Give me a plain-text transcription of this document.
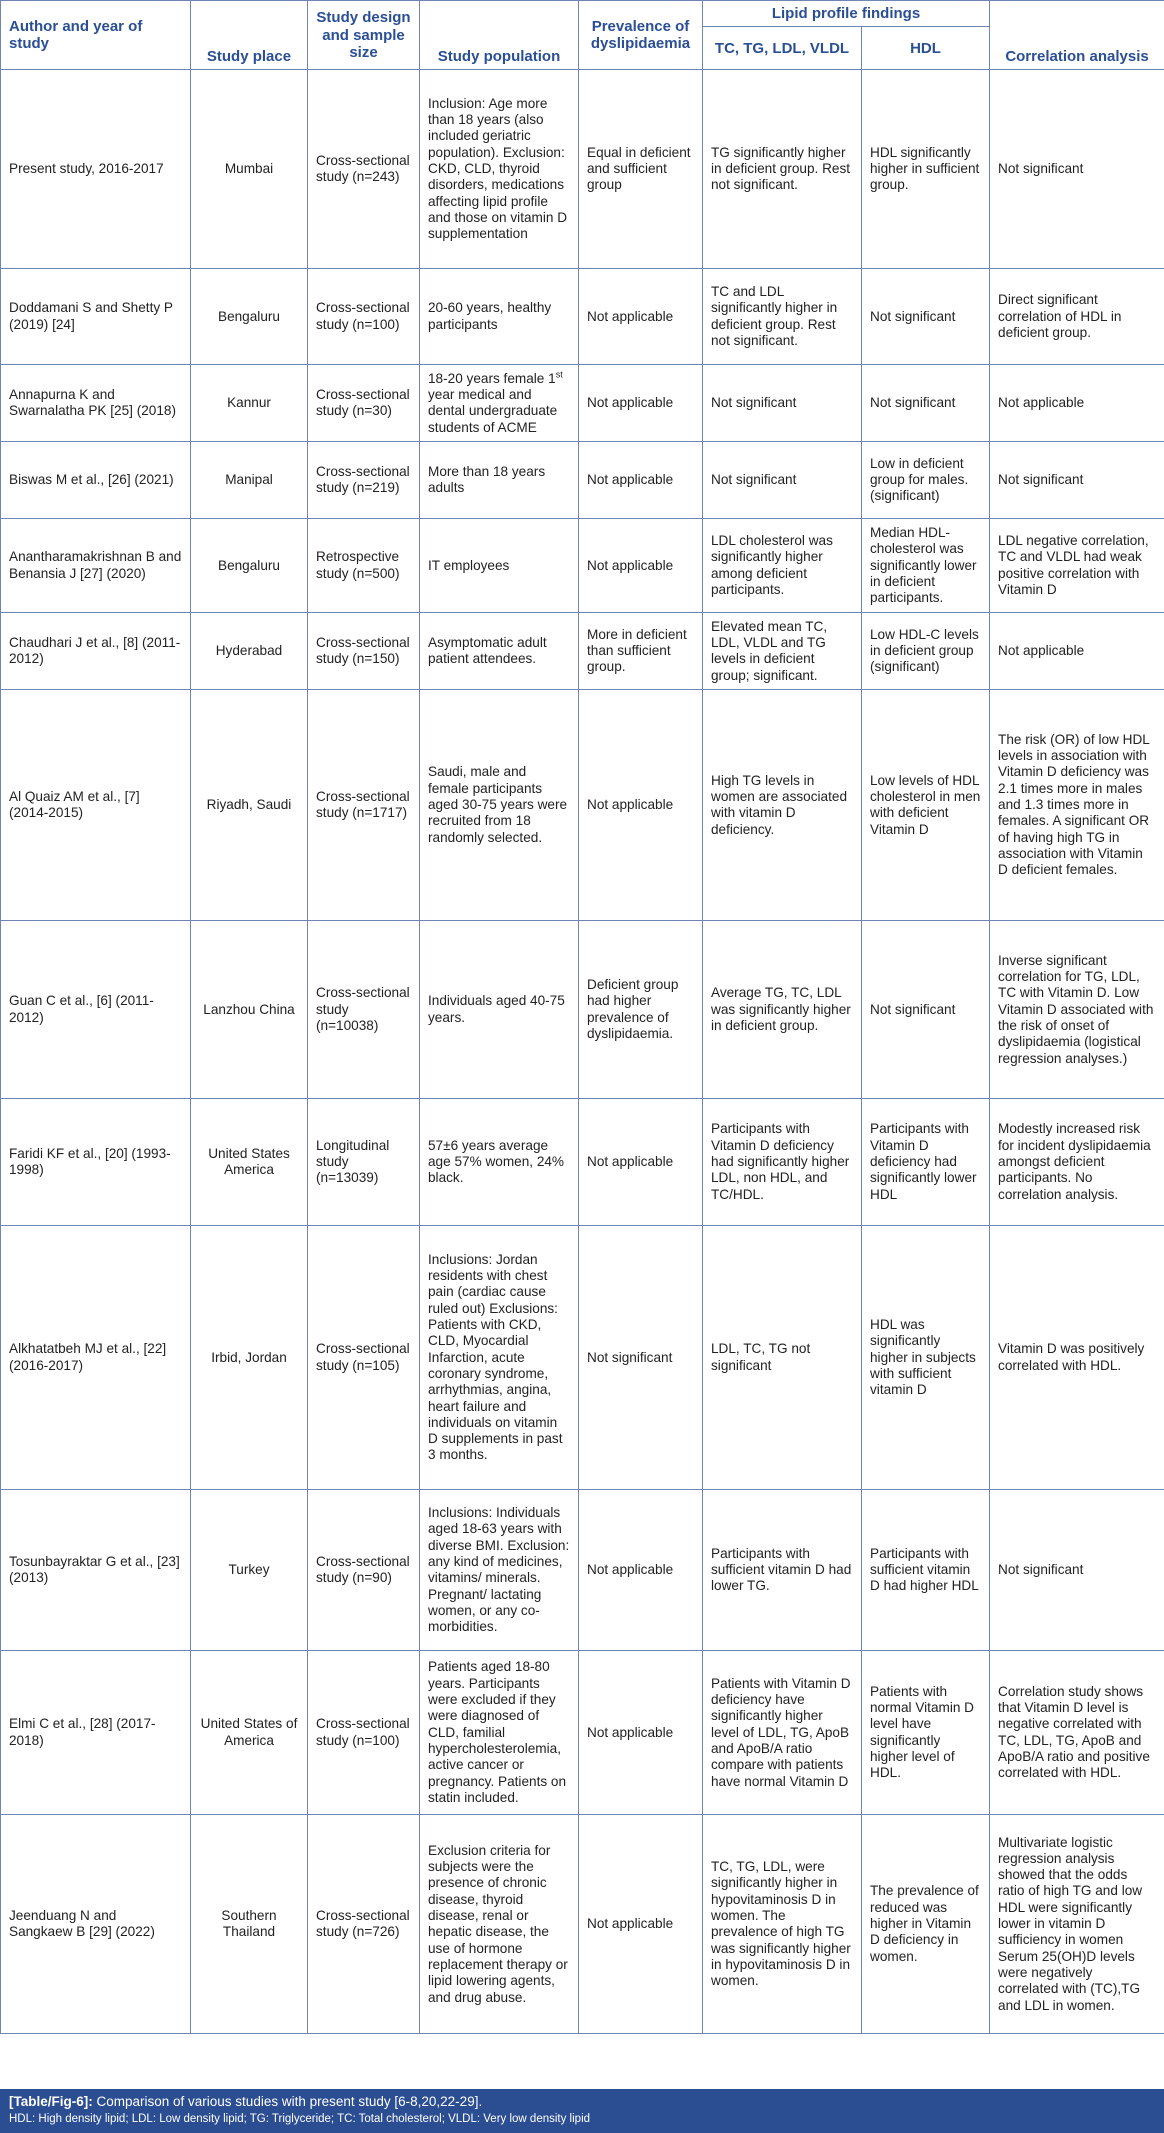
Author and year of study	Study place	Study design and sample size	Study population	Prevalence of dyslipidaemia	Lipid profile findings		Correlation analysis
					TC, TG, LDL, VLDL	HDL	
Present study, 2016-2017	Mumbai	Cross-sectional study (n=243)	Inclusion: Age more than 18 years (also included geriatric population). Exclusion: CKD, CLD, thyroid disorders, medications affecting lipid profile and those on vitamin D supplementation	Equal in deficient and sufficient group	TG significantly higher in deficient group. Rest not significant.	HDL significantly higher in sufficient group.	Not significant
Doddamani S and Shetty P (2019) [24]	Bengaluru	Cross-sectional study (n=100)	20-60 years, healthy participants	Not applicable	TC and LDL significantly higher in deficient group. Rest not significant.	Not significant	Direct significant correlation of HDL in deficient group.
Annapurna K and Swarnalatha PK [25] (2018)	Kannur	Cross-sectional study (n=30)	18-20 years female 1st year medical and dental undergraduate students of ACME	Not applicable	Not significant	Not significant	Not applicable
Biswas M et al., [26] (2021)	Manipal	Cross-sectional study (n=219)	More than 18 years adults	Not applicable	Not significant	Low in deficient group for males. (significant)	Not significant
Anantharamakrishnan B and Benansia J [27] (2020)	Bengaluru	Retrospective study (n=500)	IT employees	Not applicable	LDL cholesterol was significantly higher among deficient participants.	Median HDL-cholesterol was significantly lower in deficient participants.	LDL negative correlation, TC and VLDL had weak positive correlation with Vitamin D
Chaudhari J et al., [8] (2011-2012)	Hyderabad	Cross-sectional study (n=150)	Asymptomatic adult patient attendees.	More in deficient than sufficient group.	Elevated mean TC, LDL, VLDL and TG levels in deficient group; significant.	Low HDL-C levels in deficient group (significant)	Not applicable
Al Quaiz AM et al., [7] (2014-2015)	Riyadh, Saudi	Cross-sectional study (n=1717)	Saudi, male and female participants aged 30-75 years were recruited from 18 randomly selected.	Not applicable	High TG levels in women are associated with vitamin D deficiency.	Low levels of HDL cholesterol in men with deficient Vitamin D	The risk (OR) of low HDL levels in association with Vitamin D deficiency was 2.1 times more in males and 1.3 times more in females. A significant OR of having high TG in association with Vitamin D deficient females.
Guan C et al., [6] (2011-2012)	Lanzhou China	Cross-sectional study (n=10038)	Individuals aged 40-75 years.	Deficient group had higher prevalence of dyslipidaemia.	Average TG, TC, LDL was significantly higher in deficient group.	Not significant	Inverse significant correlation for TG, LDL, TC with Vitamin D. Low Vitamin D associated with the risk of onset of dyslipidaemia (logistical regression analyses.)
Faridi KF et al., [20] (1993-1998)	United States America	Longitudinal study (n=13039)	57±6 years average age 57% women, 24% black.	Not applicable	Participants with Vitamin D deficiency had significantly higher LDL, non HDL, and TC/HDL.	Participants with Vitamin D deficiency had significantly lower HDL	Modestly increased risk for incident dyslipidaemia amongst deficient participants. No correlation analysis.
Alkhatatbeh MJ et al., [22] (2016-2017)	Irbid, Jordan	Cross-sectional study (n=105)	Inclusions: Jordan residents with chest pain (cardiac cause ruled out) Exclusions: Patients with CKD, CLD, Myocardial Infarction, acute coronary syndrome, arrhythmias, angina, heart failure and individuals on vitamin D supplements in past 3 months.	Not significant	LDL, TC, TG not significant	HDL was significantly higher in subjects with sufficient vitamin D	Vitamin D was positively correlated with HDL.
Tosunbayraktar G et al., [23] (2013)	Turkey	Cross-sectional study (n=90)	Inclusions: Individuals aged 18-63 years with diverse BMI. Exclusion: any kind of medicines, vitamins/ minerals. Pregnant/ lactating women, or any co-morbidities.	Not applicable	Participants with sufficient vitamin D had lower TG.	Participants with sufficient vitamin D had higher HDL	Not significant
Elmi C et al., [28] (2017-2018)	United States of America	Cross-sectional study (n=100)	Patients aged 18-80 years. Participants were excluded if they were diagnosed of CLD, familial hypercholesterolemia, active cancer or pregnancy. Patients on statin included.	Not applicable	Patients with Vitamin D deficiency have significantly higher level of LDL, TG, ApoB and ApoB/A ratio compare with patients have normal Vitamin D	Patients with normal Vitamin D level have significantly higher level of HDL.	Correlation study shows that Vitamin D level is negative correlated with TC, LDL, TG, ApoB and ApoB/A ratio and positive correlated with HDL.
Jeenduang N and Sangkaew B [29] (2022)	Southern Thailand	Cross-sectional study (n=726)	Exclusion criteria for subjects were the presence of chronic disease, thyroid disease, renal or hepatic disease, the use of hormone replacement therapy or lipid lowering agents, and drug abuse.	Not applicable	TC, TG, LDL, were significantly higher in hypovitaminosis D in women. The prevalence of high TG was significantly higher in hypovitaminosis D in women.	The prevalence of reduced was higher in Vitamin D deficiency in women.	Multivariate logistic regression analysis showed that the odds ratio of high TG and low HDL were significantly lower in vitamin D sufficiency in women Serum 25(OH)D levels were negatively correlated with (TC),TG and LDL in women.
[Table/Fig-6]: Comparison of various studies with present study [6-8,20,22-29].
HDL: High density lipid; LDL: Low density lipid; TG: Triglyceride; TC: Total cholesterol; VLDL: Very low density lipid
